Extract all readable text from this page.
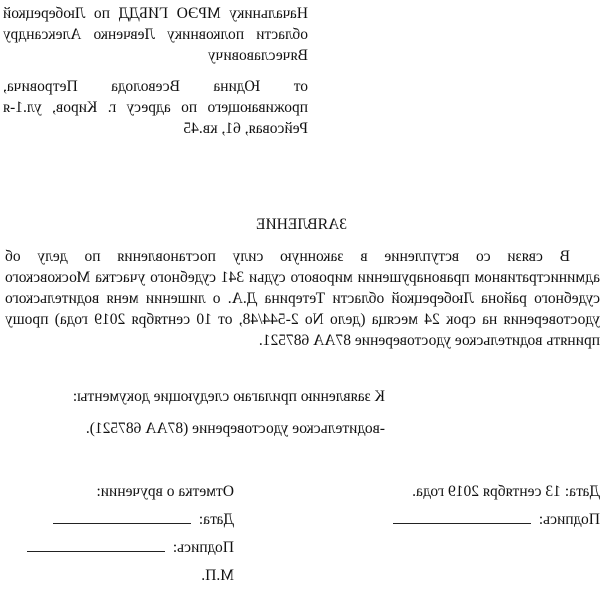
Начальнику МРЭО ГИБДД по Люберецкой области полковнику Левченко Александру Вячеславовичу

от Юдина Всеволода Петровича, проживающего по адресу г. Киров, ул.1-я Рейсовая, 61, кв.45

ЗАЯВЛЕНИЕ

В связи со вступление в законную силу постановления по делу об административном правонарушении мирового судьи 341 судебного участка Московского судебного района Люберецкой области Тетерина Д.А. о лишении меня водительского удостоверения на срок 24 месяца (дело No 2-544/48, от 10 сентября 2019 года) прошу принять водительское удостоверение 87АА 687521.

К заявлению прилагаю следующие документы:
-водительское удостоверение (87АА 687521).
Дата: 13 сентября 2019 года.
Подпись:
Отметка о вручении:
Дата:
Подпись:
М.П.
